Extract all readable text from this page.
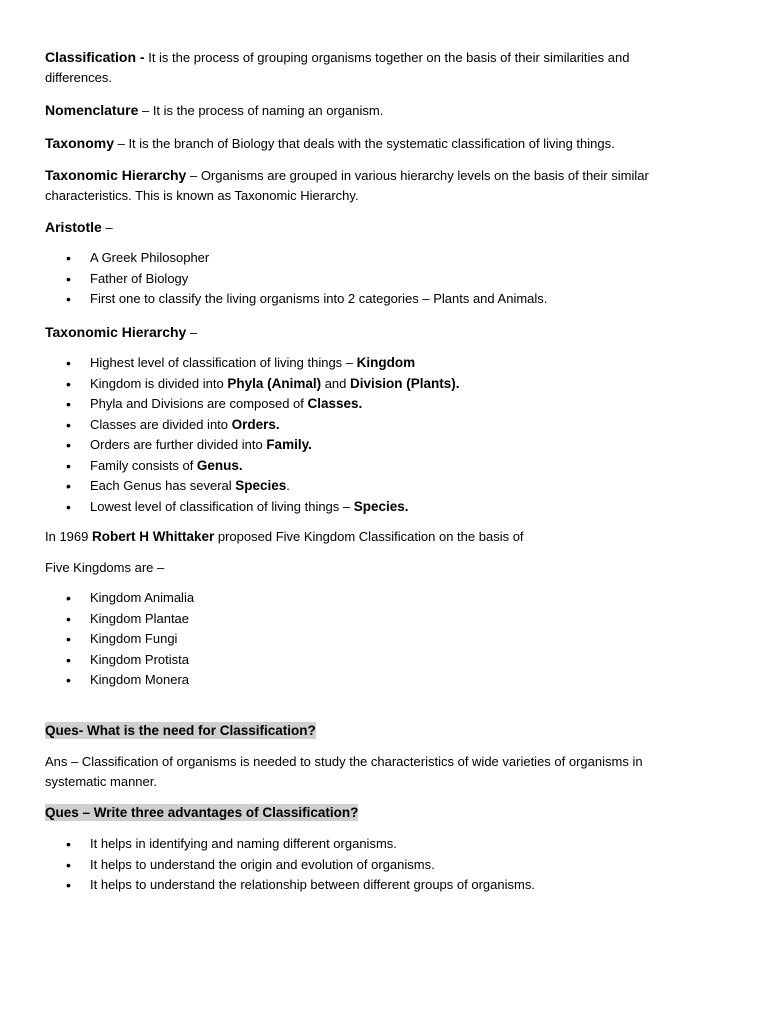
Classification - It is the process of grouping organisms together on the basis of their similarities and differences.

Nomenclature – It is the process of naming an organism.

Taxonomy – It is the branch of Biology that deals with the systematic classification of living things.

Taxonomic Hierarchy – Organisms are grouped in various hierarchy levels on the basis of their similar characteristics. This is known as Taxonomic Hierarchy.

Aristotle –

• A Greek Philosopher
• Father of Biology
• First one to classify the living organisms into 2 categories – Plants and Animals.

Taxonomic Hierarchy –

• Highest level of classification of living things – Kingdom
• Kingdom is divided into Phyla (Animal) and Division (Plants).
• Phyla and Divisions are composed of Classes.
• Classes are divided into Orders.
• Orders are further divided into Family.
• Family consists of Genus.
• Each Genus has several Species.
• Lowest level of classification of living things – Species.

In 1969 Robert H Whittaker proposed Five Kingdom Classification on the basis of

Five Kingdoms are –

• Kingdom Animalia
• Kingdom Plantae
• Kingdom Fungi
• Kingdom Protista
• Kingdom Monera

Ques- What is the need for Classification?

Ans – Classification of organisms is needed to study the characteristics of wide varieties of organisms in systematic manner.

Ques – Write three advantages of Classification?

• It helps in identifying and naming different organisms.
• It helps to understand the origin and evolution of organisms.
• It helps to understand the relationship between different groups of organisms.
